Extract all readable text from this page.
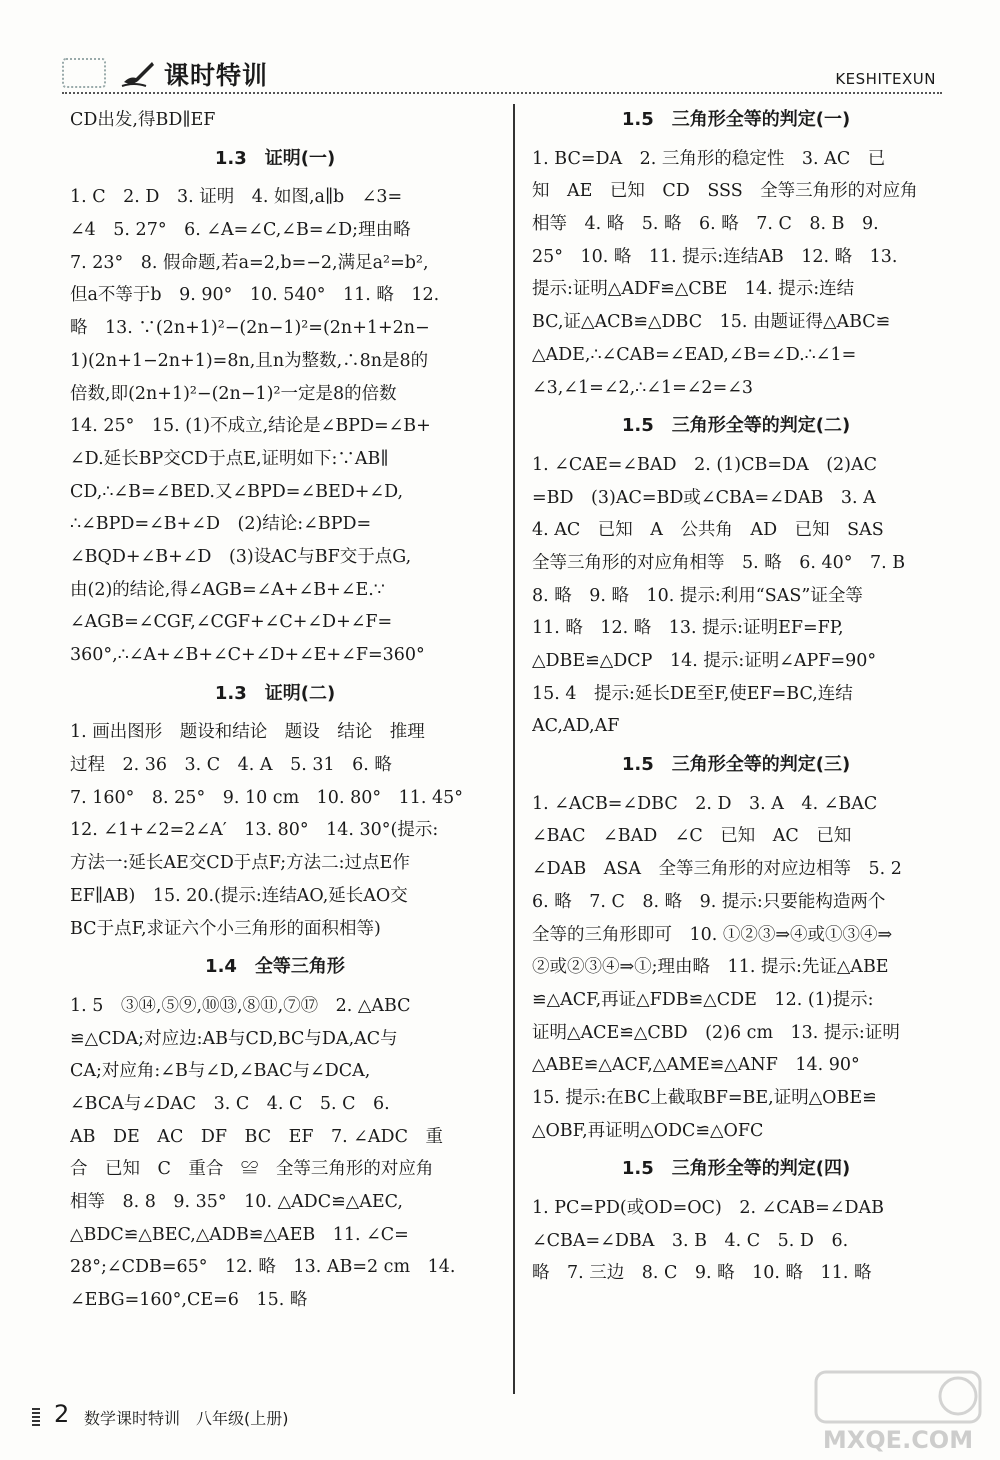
课时特训	KESHITEXUN
CD出发,得BD∥EF
1.3　证明(一)
1. C　2. D　3. 证明　4. 如图,a∥b　∠3=
∠4　5. 27°　6. ∠A=∠C,∠B=∠D;理由略
7. 23°　8. 假命题,若a=2,b=−2,满足a²=b²,
但a不等于b　9. 90°　10. 540°　11. 略　12.
略　13. ∵(2n+1)²−(2n−1)²=(2n+1+2n−
1)(2n+1−2n+1)=8n,且n为整数,∴8n是8的
倍数,即(2n+1)²−(2n−1)²一定是8的倍数
14. 25°　15. (1)不成立,结论是∠BPD=∠B+
∠D.延长BP交CD于点E,证明如下:∵AB∥
CD,∴∠B=∠BED.又∠BPD=∠BED+∠D,
∴∠BPD=∠B+∠D　(2)结论:∠BPD=
∠BQD+∠B+∠D　(3)设AC与BF交于点G,
由(2)的结论,得∠AGB=∠A+∠B+∠E.∵
∠AGB=∠CGF,∠CGF+∠C+∠D+∠F=
360°,∴∠A+∠B+∠C+∠D+∠E+∠F=360°
1.3　证明(二)
1. 画出图形　题设和结论　题设　结论　推理
过程　2. 36　3. C　4. A　5. 31　6. 略
7. 160°　8. 25°　9. 10 cm　10. 80°　11. 45°
12. ∠1+∠2=2∠A′　13. 80°　14. 30°(提示:
方法一:延长AE交CD于点F;方法二:过点E作
EF∥AB)　15. 20.(提示:连结AO,延长AO交
BC于点F,求证六个小三角形的面积相等)
1.4　全等三角形
1. 5　③⑭,⑤⑨,⑩⑬,⑧⑪,⑦⑰　2. △ABC
≌△CDA;对应边:AB与CD,BC与DA,AC与
CA;对应角:∠B与∠D,∠BAC与∠DCA,
∠BCA与∠DAC　3. C　4. C　5. C　6.
AB　DE　AC　DF　BC　EF　7. ∠ADC　重
合　已知　C　重合　≌　全等三角形的对应角
相等　8. 8　9. 35°　10. △ADC≌△AEC,
△BDC≌△BEC,△ADB≌△AEB　11. ∠C=
28°;∠CDB=65°　12. 略　13. AB=2 cm　14.
∠EBG=160°,CE=6　15. 略
1.5　三角形全等的判定(一)
1. BC=DA　2. 三角形的稳定性　3. AC　已
知　AE　已知　CD　SSS　全等三角形的对应角
相等　4. 略　5. 略　6. 略　7. C　8. B　9.
25°　10. 略　11. 提示:连结AB　12. 略　13.
提示:证明△ADF≌△CBE　14. 提示:连结
BC,证△ACB≌△DBC　15. 由题证得△ABC≌
△ADE,∴∠CAB=∠EAD,∠B=∠D.∴∠1=
∠3,∠1=∠2,∴∠1=∠2=∠3
1.5　三角形全等的判定(二)
1. ∠CAE=∠BAD　2. (1)CB=DA　(2)AC
=BD　(3)AC=BD或∠CBA=∠DAB　3. A
4. AC　已知　A　公共角　AD　已知　SAS
全等三角形的对应角相等　5. 略　6. 40°　7. B
8. 略　9. 略　10. 提示:利用“SAS”证全等
11. 略　12. 略　13. 提示:证明EF=FP,
△DBE≌△DCP　14. 提示:证明∠APF=90°
15. 4　提示:延长DE至F,使EF=BC,连结
AC,AD,AF
1.5　三角形全等的判定(三)
1. ∠ACB=∠DBC　2. D　3. A　4. ∠BAC
∠BAC　∠BAD　∠C　已知　AC　已知
∠DAB　ASA　全等三角形的对应边相等　5. 2
6. 略　7. C　8. 略　9. 提示:只要能构造两个
全等的三角形即可　10. ①②③⇒④或①③④⇒
②或②③④⇒①;理由略　11. 提示:先证△ABE
≌△ACF,再证△FDB≌△CDE　12. (1)提示:
证明△ACE≌△CBD　(2)6 cm　13. 提示:证明
△ABE≌△ACF,△AME≌△ANF　14. 90°
15. 提示:在BC上截取BF=BE,证明△OBE≌
△OBF,再证明△ODC≌△OFC
1.5　三角形全等的判定(四)
1. PC=PD(或OD=OC)　2. ∠CAB=∠DAB
∠CBA=∠DBA　3. B　4. C　5. D　6.
略　7. 三边　8. C　9. 略　10. 略　11. 略
2 数学课时特训　八年级(上册)
MXQE.COM
